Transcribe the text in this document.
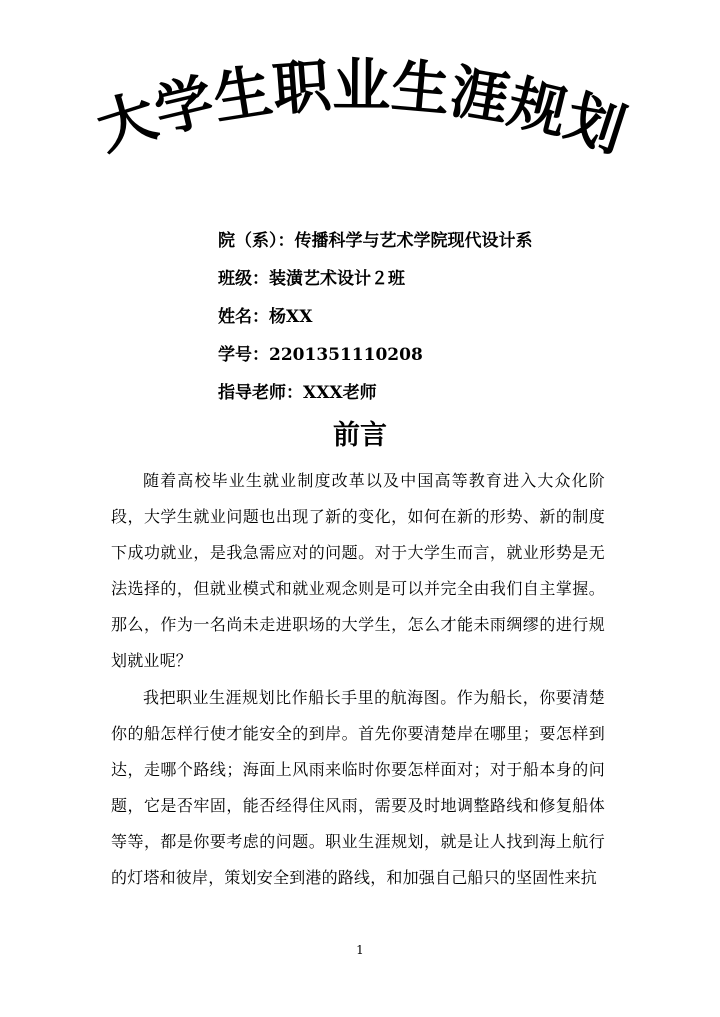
大学生职业生涯规划
院（系）：传播科学与艺术学院现代设计系
班级：装潢艺术设计２班
姓名：杨XX
学号：2201351110208
指导老师：XXX老师
前言

随着高校毕业生就业制度改革以及中国高等教育进入大众化阶段，大学生就业问题也出现了新的变化，如何在新的形势、新的制度下成功就业，是我急需应对的问题。对于大学生而言，就业形势是无法选择的，但就业模式和就业观念则是可以并完全由我们自主掌握。那么，作为一名尚未走进职场的大学生，怎么才能未雨绸缪的进行规划就业呢？

我把职业生涯规划比作船长手里的航海图。作为船长，你要清楚你的船怎样行使才能安全的到岸。首先你要清楚岸在哪里；要怎样到达，走哪个路线；海面上风雨来临时你要怎样面对；对于船本身的问题，它是否牢固，能否经得住风雨，需要及时地调整路线和修复船体等等，都是你要考虑的问题。职业生涯规划，就是让人找到海上航行的灯塔和彼岸，策划安全到港的路线，和加强自己船只的坚固性来抗

1
